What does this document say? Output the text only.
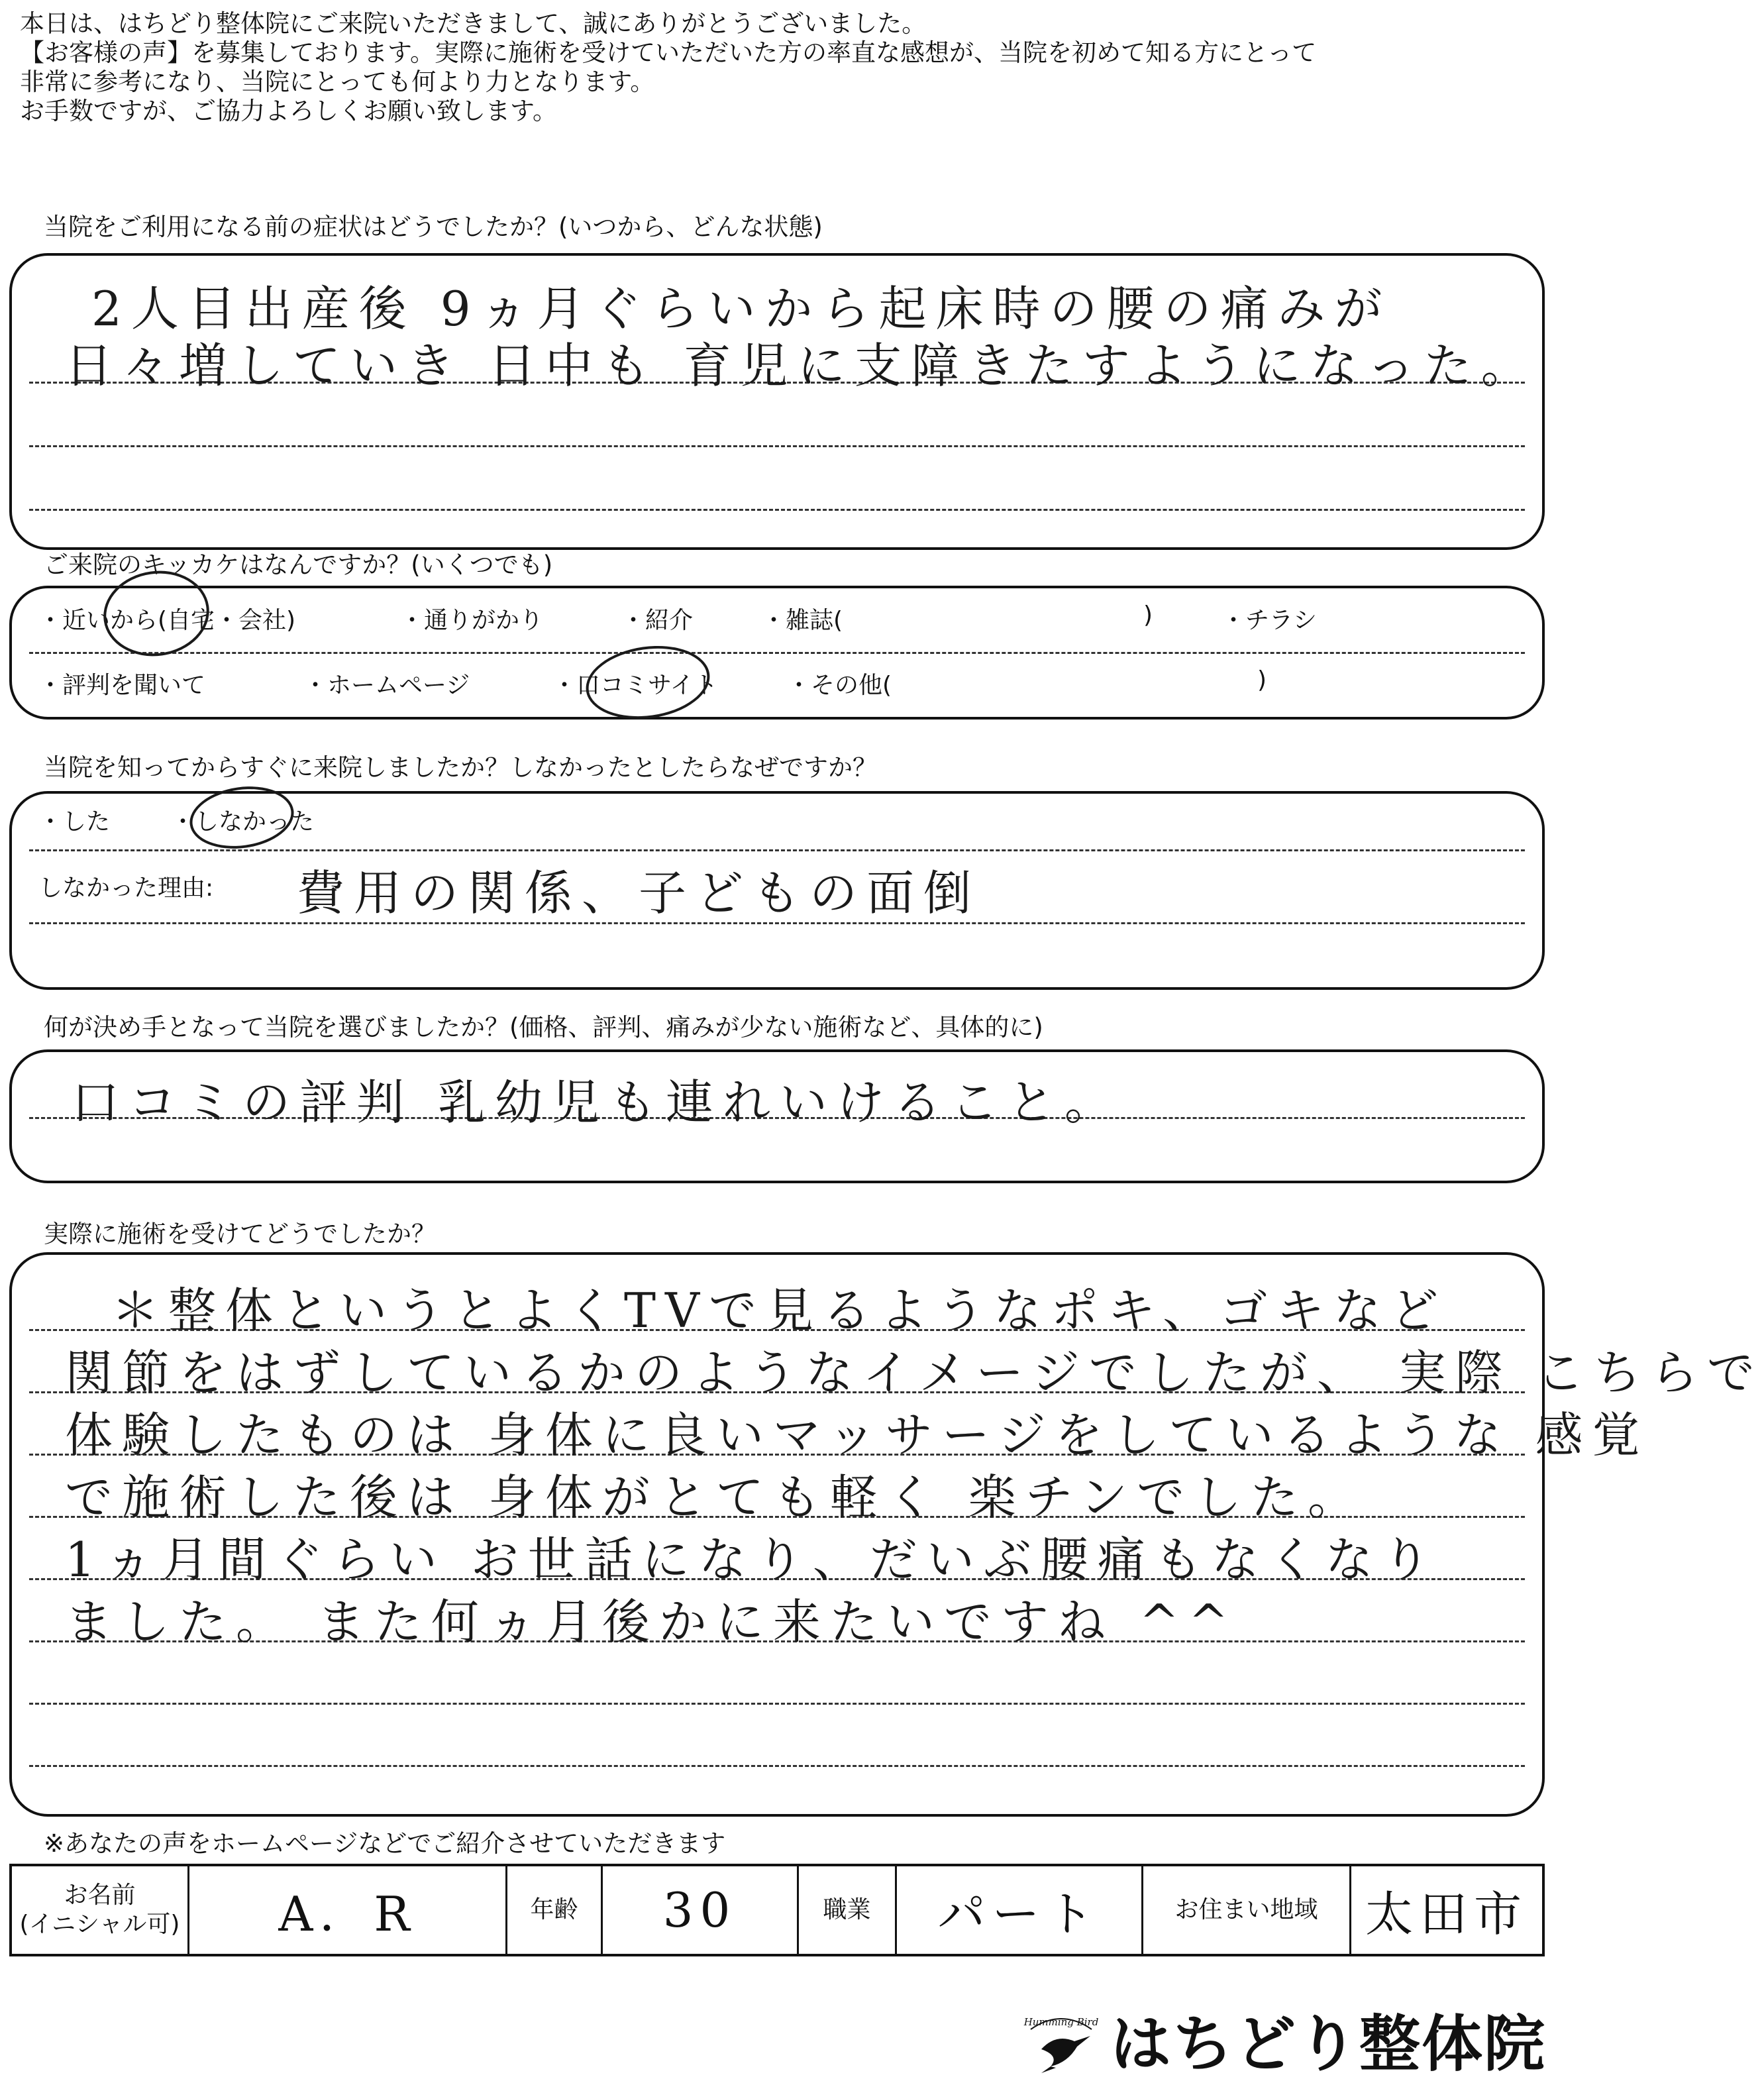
本日は、はちどり整体院にご来院いただきまして、誠にありがとうございました。
【お客様の声】を募集しております。実際に施術を受けていただいた方の率直な感想が、当院を初めて知る方にとって
非常に参考になり、当院にとっても何より力となります。
お手数ですが、ご協力よろしくお願い致します。
当院をご利用になる前の症状はどうでしたか？(いつから、どんな状態)
2人目出産後 9ヵ月ぐらいから起床時の腰の痛みが
日々増していき 日中も 育児に支障きたすようになった。
ご来院のキッカケはなんですか？(いくつでも)
・近いから(自宅・会社)	・通りがかり	・紹介	・雑誌(	)	・チラシ
・評判を聞いて	・ホームページ	・口コミサイト	・その他(	)
当院を知ってからすぐに来院しましたか？しなかったとしたらなぜですか？
・した	・しなかった
しなかった理由: 費用の関係、子どもの面倒
何が決め手となって当院を選びましたか？(価格、評判、痛みが少ない施術など、具体的に)
口コミの評判 乳幼児も連れいけること。
実際に施術を受けてどうでしたか？
＊整体というとよくTVで見るようなポキ、ゴキなど
関節をはずしているかのようなイメージでしたが、 実際 こちらで
体験したものは 身体に良いマッサージをしているような 感覚
で施術した後は 身体がとても軽く 楽チンでした。
1ヵ月間ぐらい お世話になり、だいぶ腰痛もなくなり
ました。 また何ヵ月後かに来たいですね ^^
※あなたの声をホームページなどでご紹介させていただきます
お名前
(イニシャル可)	A．R	年齢	30	職業	パート	お住まい地域 太田市
Humming Bird はちどり整体院
